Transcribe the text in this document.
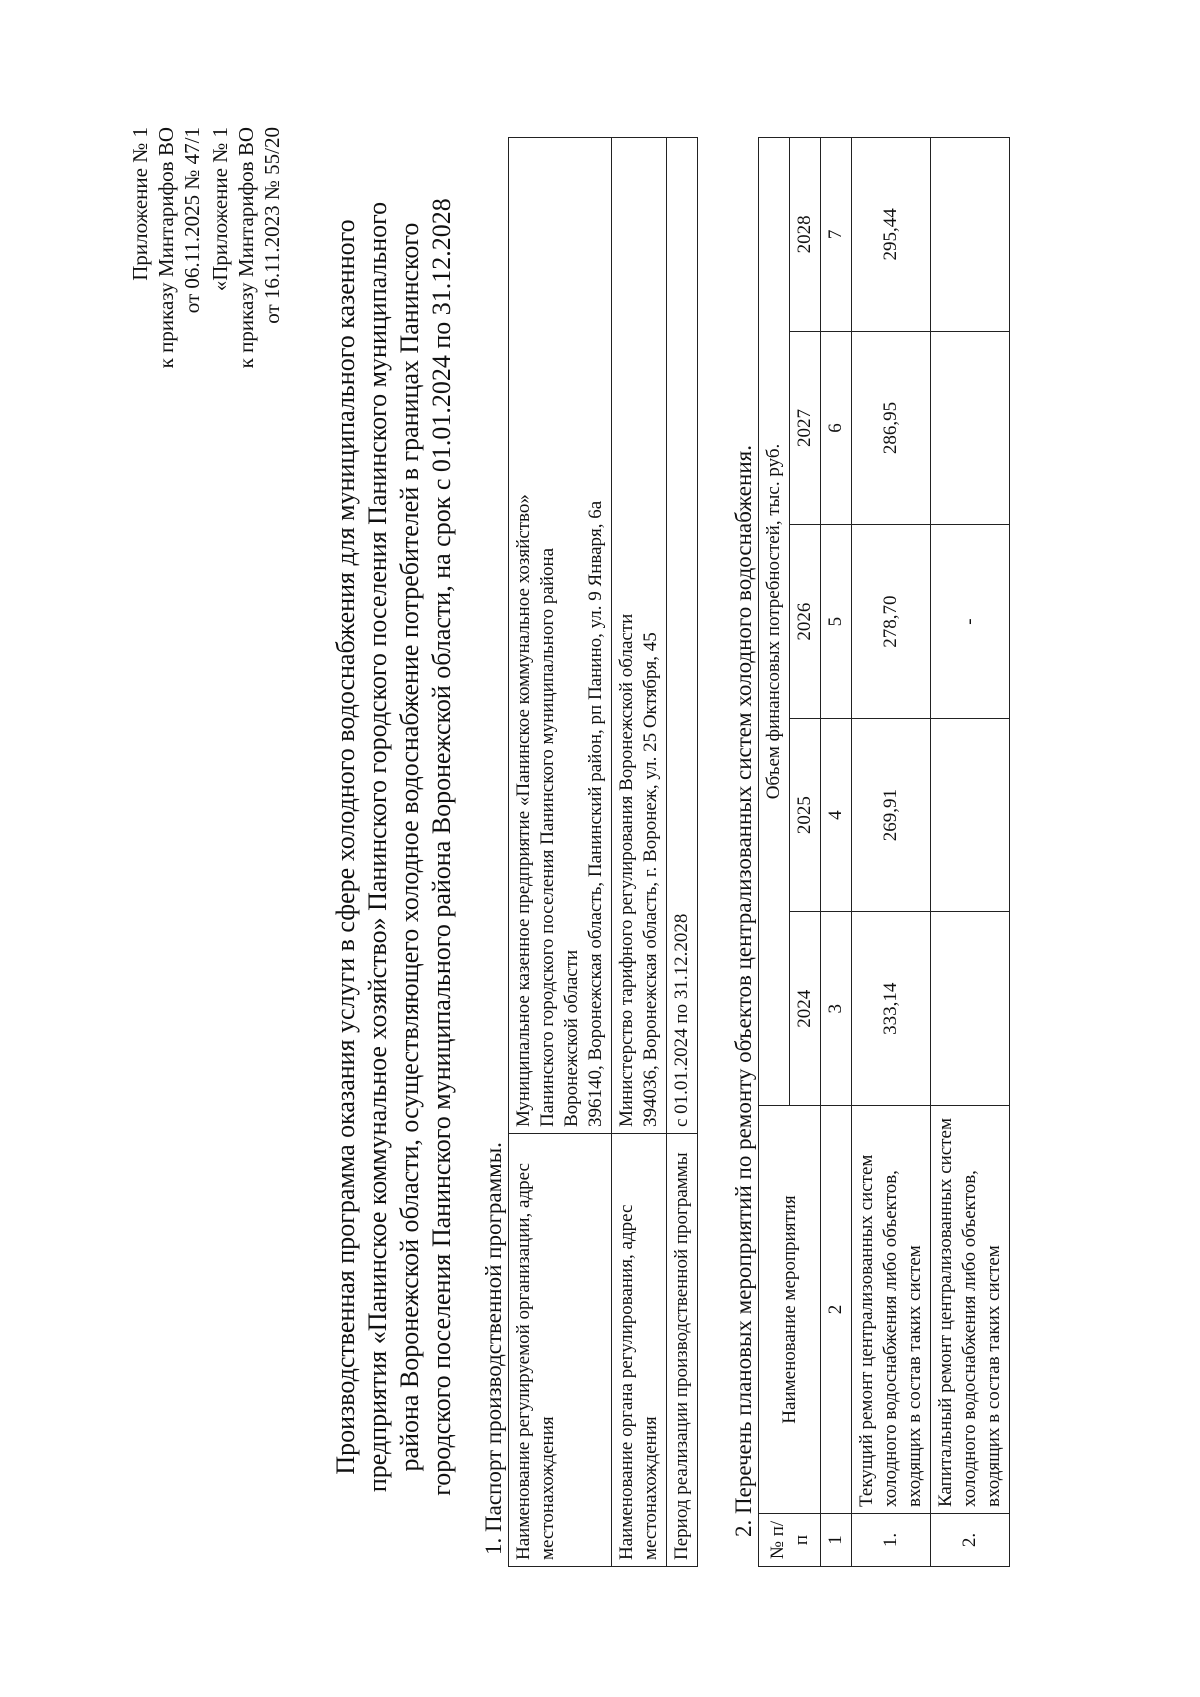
Приложение № 1 к приказу Минтарифов ВО от 06.11.2025 № 47/1 «Приложение № 1 к приказу Минтарифов ВО от 16.11.2023 № 55/20 Производственная программа оказания услуги в сфере холодного водоснабжения для муниципального казенного предприятия «Панинское коммунальное хозяйство» Панинского городского поселения Панинского муниципального района Воронежской области, осуществляющего холодное водоснабжение потребителей в границах Панинского городского поселения Панинского муниципального района Воронежской области, на срок с 01.01.2024 по 31.12.2028 1. Паспорт производственной программы. Наименование регулируемой организации, адрес местонахождения	Муниципальное казенное предприятие «Панинское коммунальное хозяйство» Панинского городского поселения Панинского муниципального района Воронежской области 396140, Воронежская область, Панинский район, рп Панино, ул. 9 Января, 6а

Наименование органа регулирования, адрес местонахождения	Министерство тарифного регулирования Воронежской области 394036, Воронежская область, г. Воронеж, ул. 25 Октября, 45

Период реализации производственной программы	с 01.01.2024 по 31.12.2028 2. Перечень плановых мероприятий по ремонту объектов централизованных систем холодного водоснабжения.
№ п/п	Наименование мероприятия	Объем финансовых потребностей, тыс. руб.				
		2024	2025	2026	2027	2028
1	2	3	4	5	6	7
1.	Текущий ремонт централизованных систем холодного водоснабжения либо объектов, входящих в состав таких систем	333,14	269,91	278,70	286,95	295,44
2.	Капитальный ремонт централизованных систем холодного водоснабжения либо объектов, входящих в состав таких систем			-		
